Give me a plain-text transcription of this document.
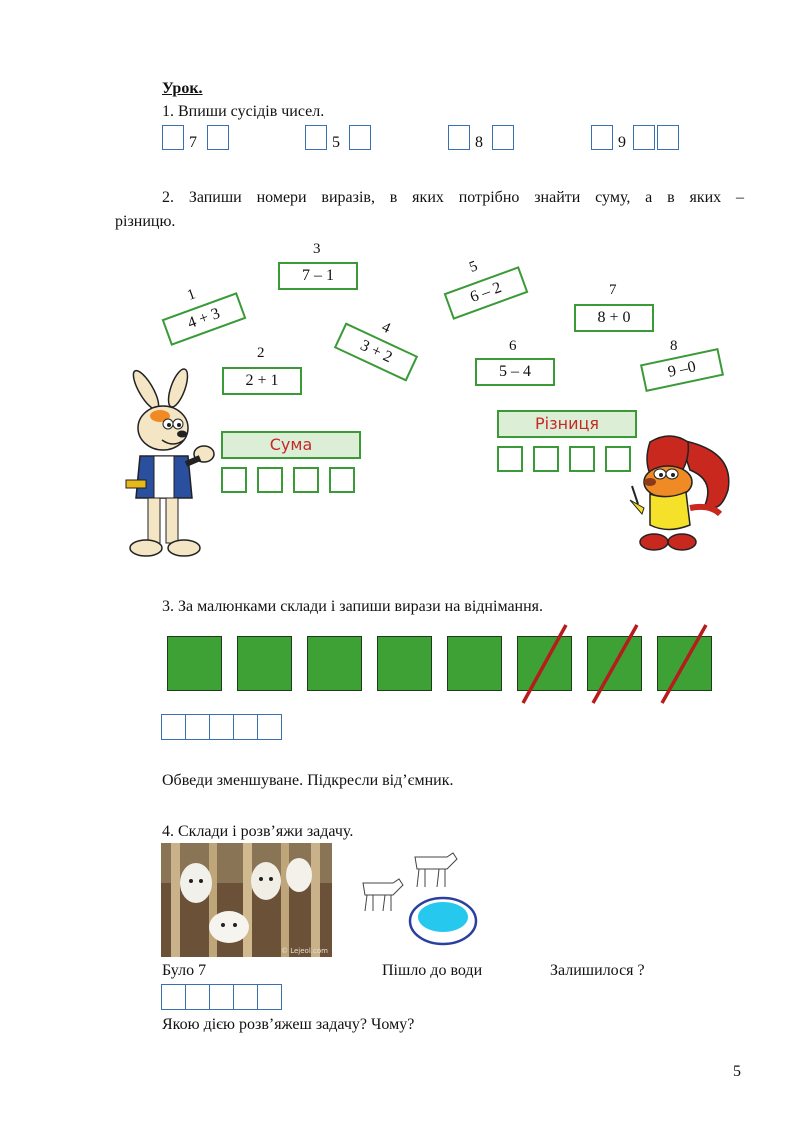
Урок.
1. Впиши сусідів чисел.
7	5	8	9
2. Запиши номери виразів, в яких потрібно знайти суму, а в яких –
різницю.
1
4 + 3
2
2 + 1
3
7 – 1
4
3 + 2
5
6 – 2
6
5 – 4
7
8 + 0
8
9 –0
Сума
Різниця
3. За малюнками склади і запиши вирази на віднімання.
Обведи зменшуване. Підкресли від’ємник.
4. Склади і розв’яжи задачу.
© Lejeol.com
Було 7	Пішло до води	Залишилося ?
Якою дією розв’яжеш задачу? Чому?
5
